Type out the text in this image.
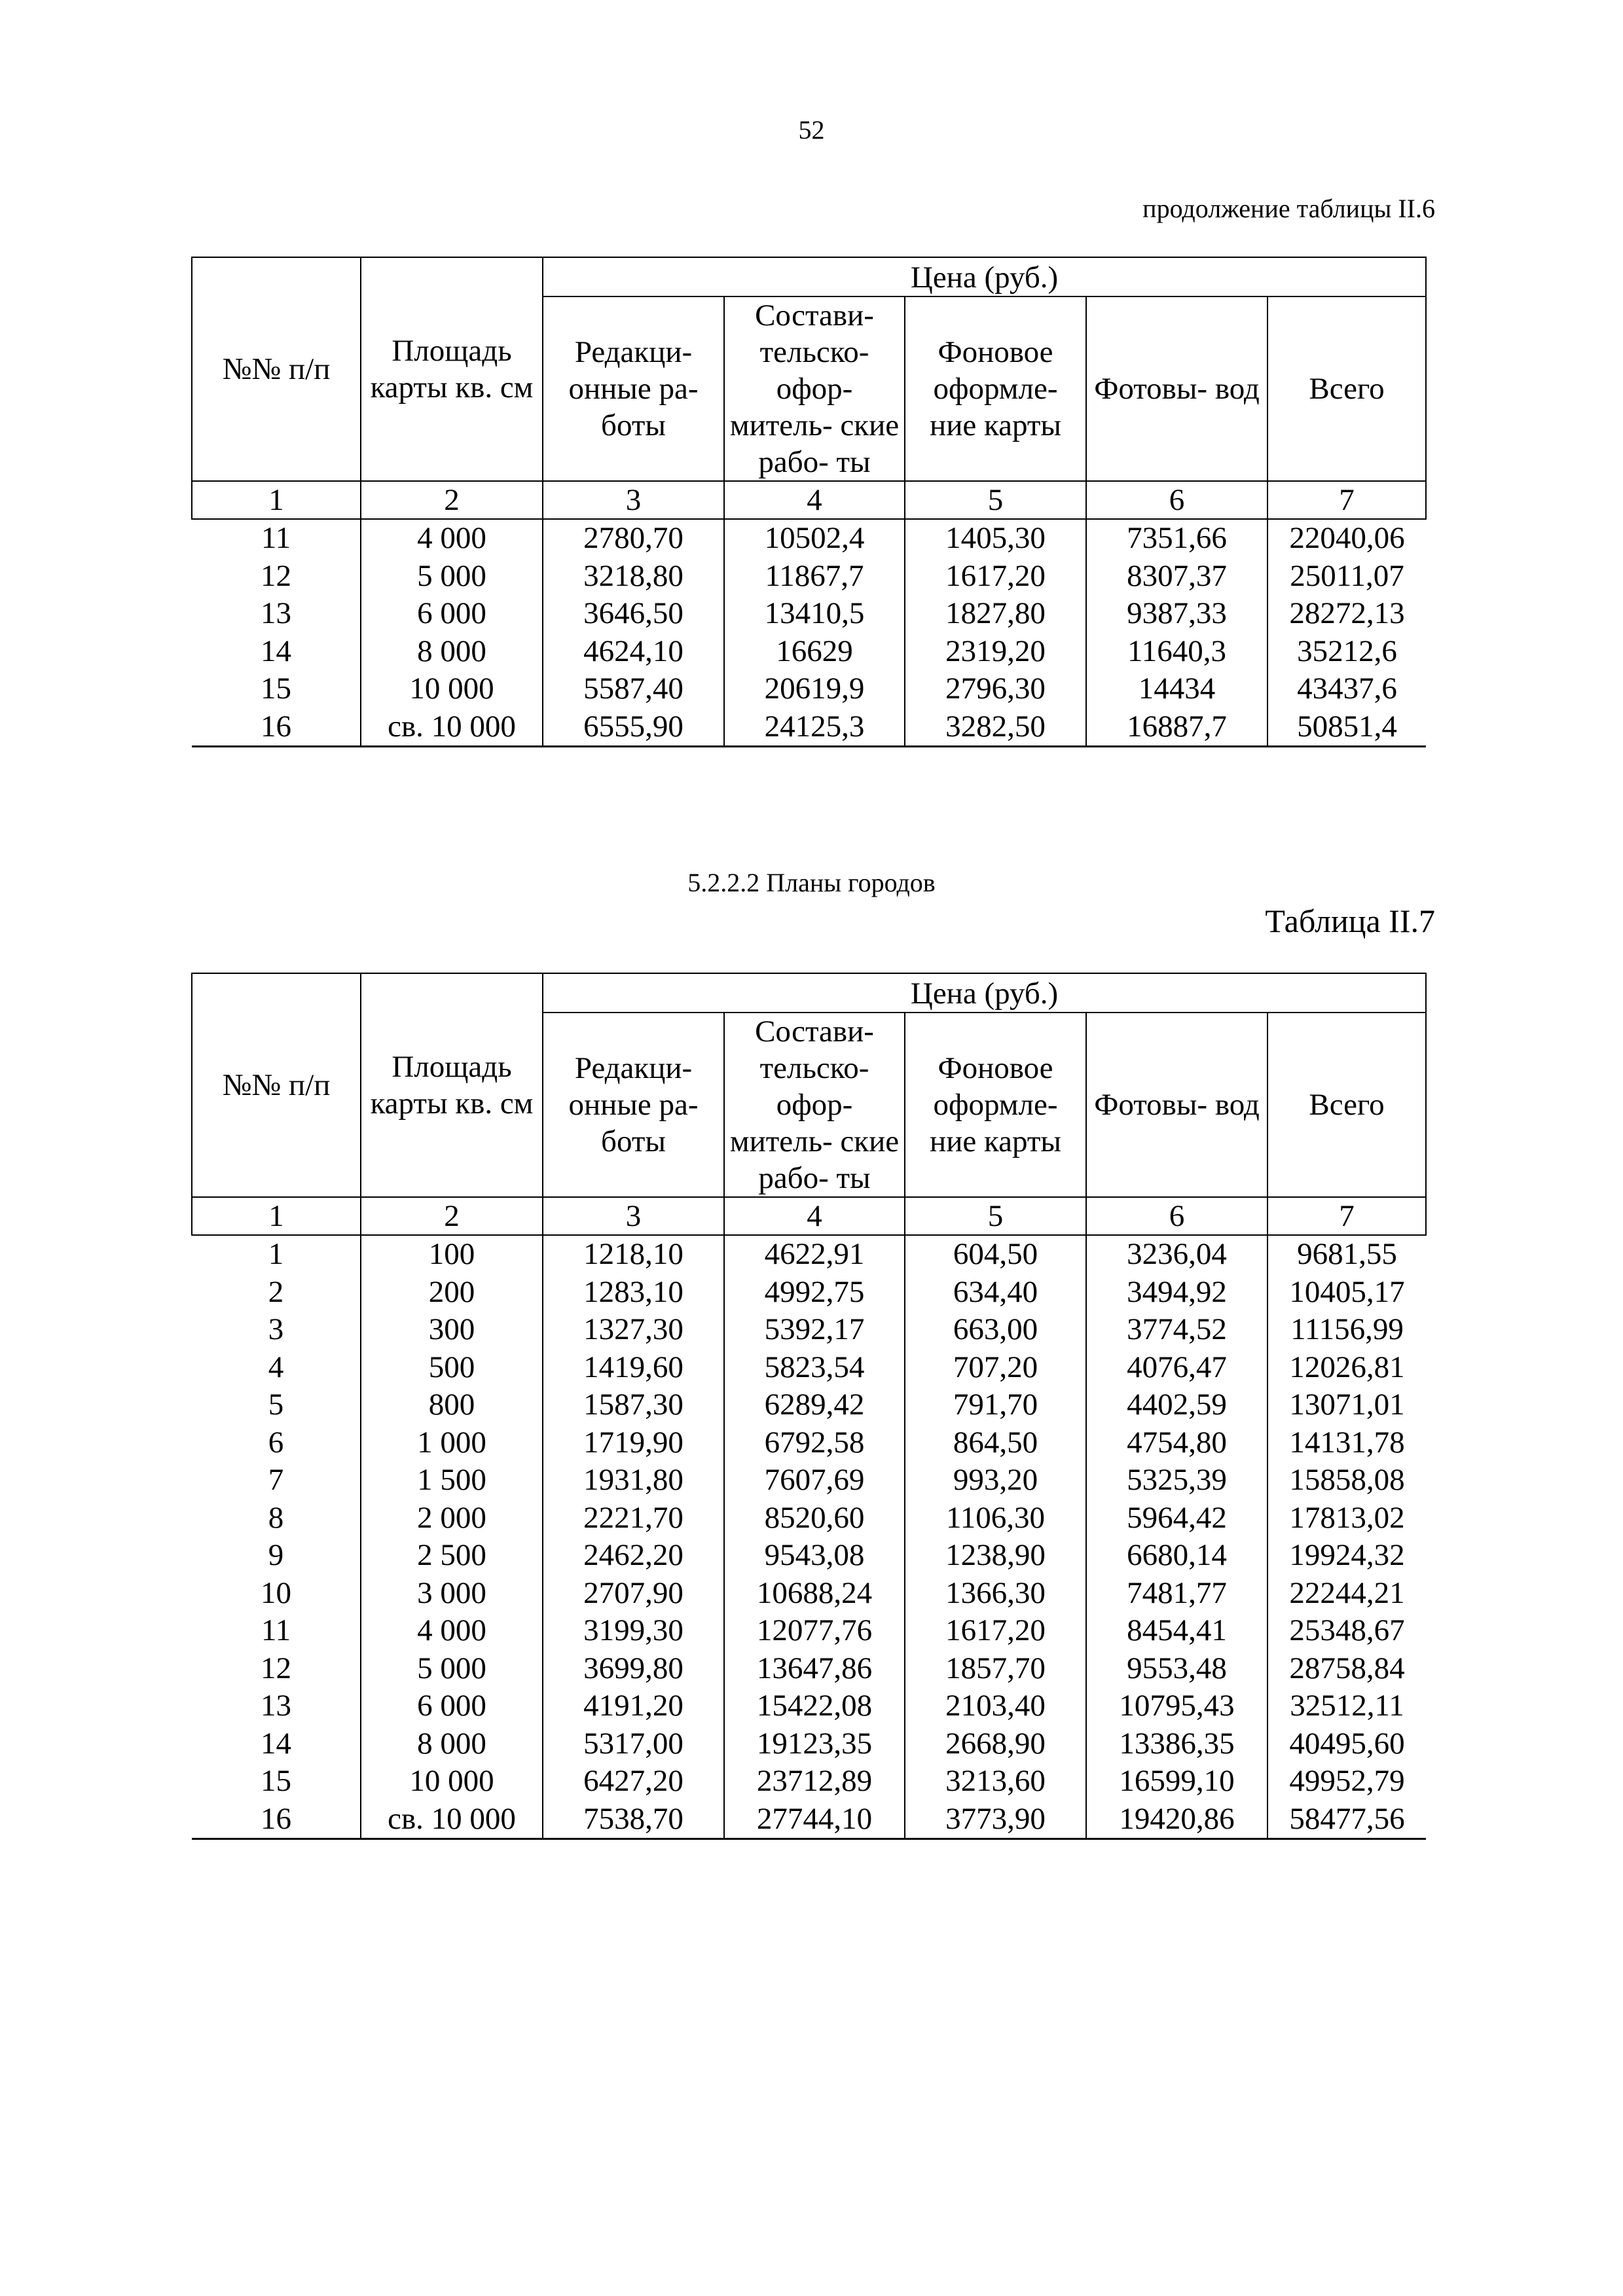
52
продолжение таблицы II.6
№№ п/п	Площадь карты кв. см	Цена (руб.)				
		Редакци- онные ра- боты	Состави- тельско- офор- митель- ские рабо- ты	Фоновое оформле- ние карты	Фотовы- вод	Всего
1	2	3	4	5	6	7
11	4 000	2780,70	10502,4	1405,30	7351,66	22040,06
12	5 000	3218,80	11867,7	1617,20	8307,37	25011,07
13	6 000	3646,50	13410,5	1827,80	9387,33	28272,13
14	8 000	4624,10	16629	2319,20	11640,3	35212,6
15	10 000	5587,40	20619,9	2796,30	14434	43437,6
16	св. 10 000	6555,90	24125,3	3282,50	16887,7	50851,4
5.2.2.2 Планы городов
Таблица II.7
№№ п/п	Площадь карты кв. см	Цена (руб.)				
		Редакци- онные ра- боты	Состави- тельско- офор- митель- ские рабо- ты	Фоновое оформле- ние карты	Фотовы- вод	Всего
1	2	3	4	5	6	7
1	100	1218,10	4622,91	604,50	3236,04	9681,55
2	200	1283,10	4992,75	634,40	3494,92	10405,17
3	300	1327,30	5392,17	663,00	3774,52	11156,99
4	500	1419,60	5823,54	707,20	4076,47	12026,81
5	800	1587,30	6289,42	791,70	4402,59	13071,01
6	1 000	1719,90	6792,58	864,50	4754,80	14131,78
7	1 500	1931,80	7607,69	993,20	5325,39	15858,08
8	2 000	2221,70	8520,60	1106,30	5964,42	17813,02
9	2 500	2462,20	9543,08	1238,90	6680,14	19924,32
10	3 000	2707,90	10688,24	1366,30	7481,77	22244,21
11	4 000	3199,30	12077,76	1617,20	8454,41	25348,67
12	5 000	3699,80	13647,86	1857,70	9553,48	28758,84
13	6 000	4191,20	15422,08	2103,40	10795,43	32512,11
14	8 000	5317,00	19123,35	2668,90	13386,35	40495,60
15	10 000	6427,20	23712,89	3213,60	16599,10	49952,79
16	св. 10 000	7538,70	27744,10	3773,90	19420,86	58477,56
